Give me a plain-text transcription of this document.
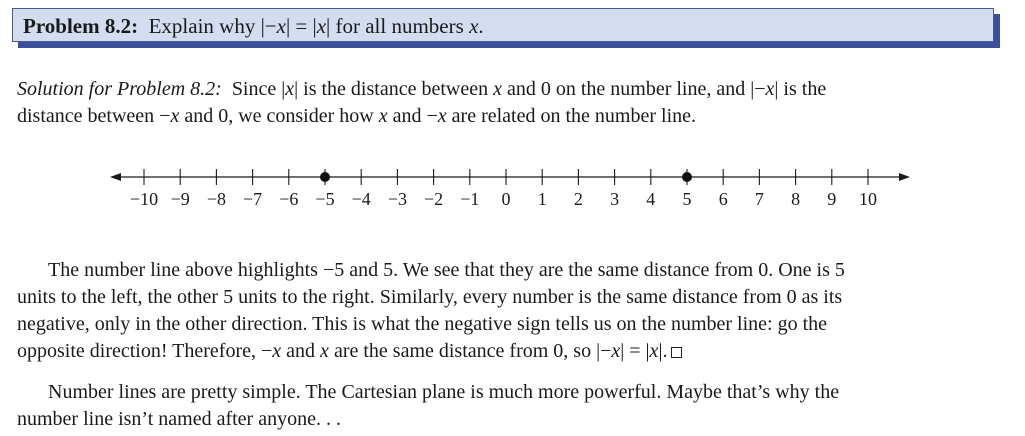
Problem 8.2: Explain why |−x| = |x| for all numbers x.
Solution for Problem 8.2: Since |x| is the distance between x and 0 on the number line, and |−x| is the
distance between −x and 0, we consider how x and −x are related on the number line.
−10 −9 −8 −7 −6 −5 −4 −3 −2 −1 0 1 2 3 4 5 6 7 8 9 10
The number line above highlights −5 and 5. We see that they are the same distance from 0. One is 5
units to the left, the other 5 units to the right. Similarly, every number is the same distance from 0 as its
negative, only in the other direction. This is what the negative sign tells us on the number line: go the
opposite direction! Therefore, −x and x are the same distance from 0, so |−x| = |x|.
Number lines are pretty simple. The Cartesian plane is much more powerful. Maybe that’s why the
number line isn’t named after anyone. . .
